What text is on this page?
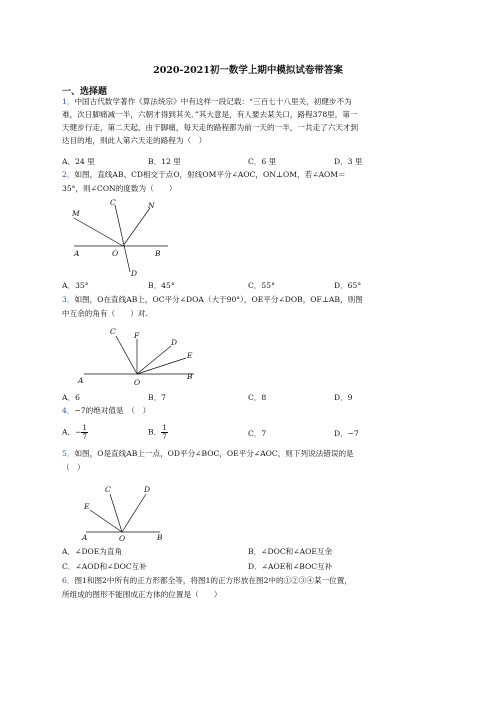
2020-2021初一数学上期中模拟试卷带答案
一、选择题
1．中国古代数学著作《算法统宗》中有这样一段记载：“三百七十八里关，初健步不为
难，次日脚痛减一半，六朝才得到其关．”其大意是，有人要去某关口，路程378里，第一
天健步行走，第二天起，由于脚痛，每天走的路程都为前一天的一半，一共走了六天才到
达目的地，则此人第六天走的路程为（　）
A．24 里	B．12 里	C．6 里	D．3 里
2．如图，直线AB、CD相交于点O，射线OM平分∠AOC，ON⊥OM，若∠AOM＝
35°，则∠CON的度数为（　　）
M
C	N
A	O	B
D
A．35°	B．45°	C．55°	D．65°
3．如图，O在直线AB上，OC平分∠DOA（大于90°），OE平分∠DOB，OF⊥AB，则图
中互余的角有（　　）对.
C F
D
E
A	O
B
A．6	B．7	C．8	D．9
4．−7的绝对值是　（　）
A．− $\frac{1}{7}$	B． $\frac{1}{7}$	C．7	D．−7
5．如图，O是直线AB上一点，OD平分∠BOC，OE平分∠AOC，则下列说法错误的是
（　）
E
C	D
A	O	B
A．∠DOE为直角	B．∠DOC和∠AOE互余
C．∠AOD和∠DOC互补	D．∠AOE和∠BOC互补
6．图1和图2中所有的正方形都全等，将图1的正方形放在图2中的①②③④某一位置，
所组成的图形不能围成正方体的位置是（　　）
